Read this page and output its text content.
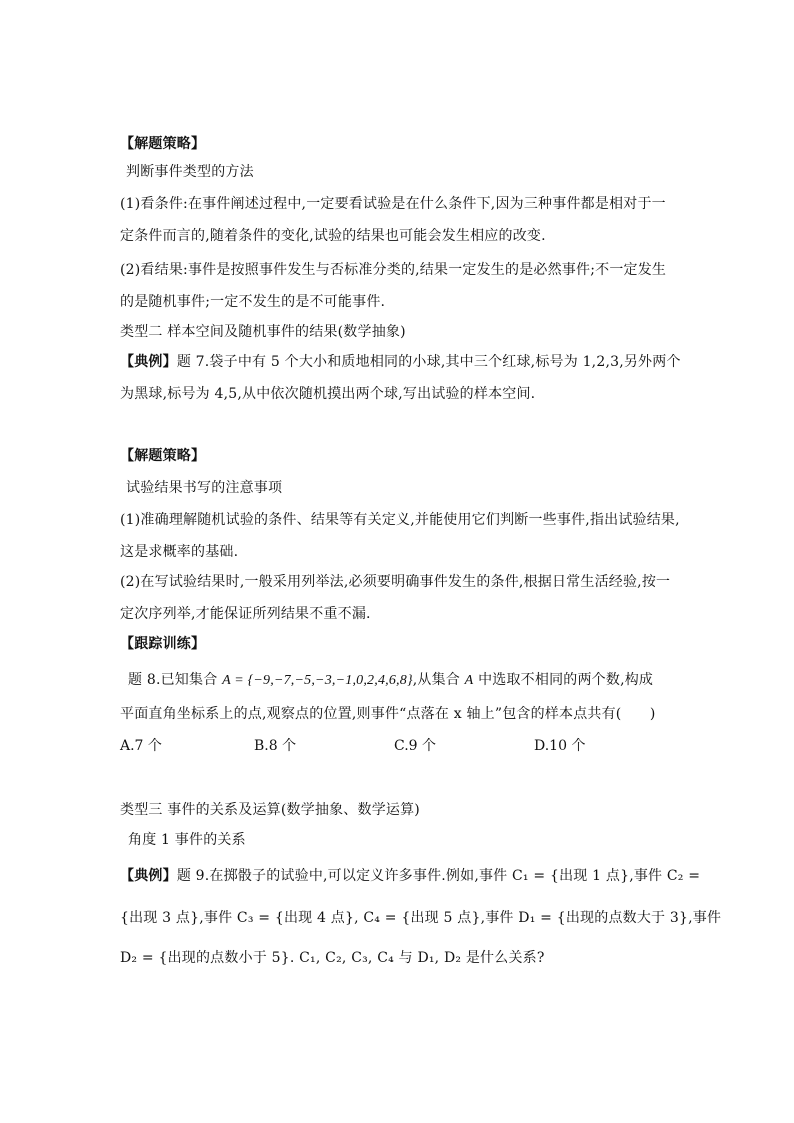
【解题策略】
判断事件类型的方法
(1)看条件:在事件阐述过程中,一定要看试验是在什么条件下,因为三种事件都是相对于一
定条件而言的,随着条件的变化,试验的结果也可能会发生相应的改变.
(2)看结果:事件是按照事件发生与否标准分类的,结果一定发生的是必然事件;不一定发生
的是随机事件;一定不发生的是不可能事件.
类型二 样本空间及随机事件的结果(数学抽象)
【典例】题 7.袋子中有 5 个大小和质地相同的小球,其中三个红球,标号为 1,2,3,另外两个
为黑球,标号为 4,5,从中依次随机摸出两个球,写出试验的样本空间.
【解题策略】
试验结果书写的注意事项
(1)准确理解随机试验的条件、结果等有关定义,并能使用它们判断一些事件,指出试验结果,
这是求概率的基础.
(2)在写试验结果时,一般采用列举法,必须要明确事件发生的条件,根据日常生活经验,按一
定次序列举,才能保证所列结果不重不漏.
【跟踪训练】
题 8.已知集合 A = {−9,−7,−5,−3,−1,0,2,4,6,8},从集合 A 中选取不相同的两个数,构成
平面直角坐标系上的点,观察点的位置,则事件“点落在 x 轴上”包含的样本点共有(　　)
A.7 个	B.8 个	C.9 个	D.10 个
类型三 事件的关系及运算(数学抽象、数学运算)
角度 1 事件的关系
【典例】题 9.在掷骰子的试验中,可以定义许多事件.例如,事件 C₁ = {出现 1 点},事件 C₂ =
{出现 3 点},事件 C₃ = {出现 4 点}, C₄ = {出现 5 点},事件 D₁ = {出现的点数大于 3},事件
D₂ = {出现的点数小于 5}. C₁, C₂, C₃, C₄ 与 D₁, D₂ 是什么关系?
